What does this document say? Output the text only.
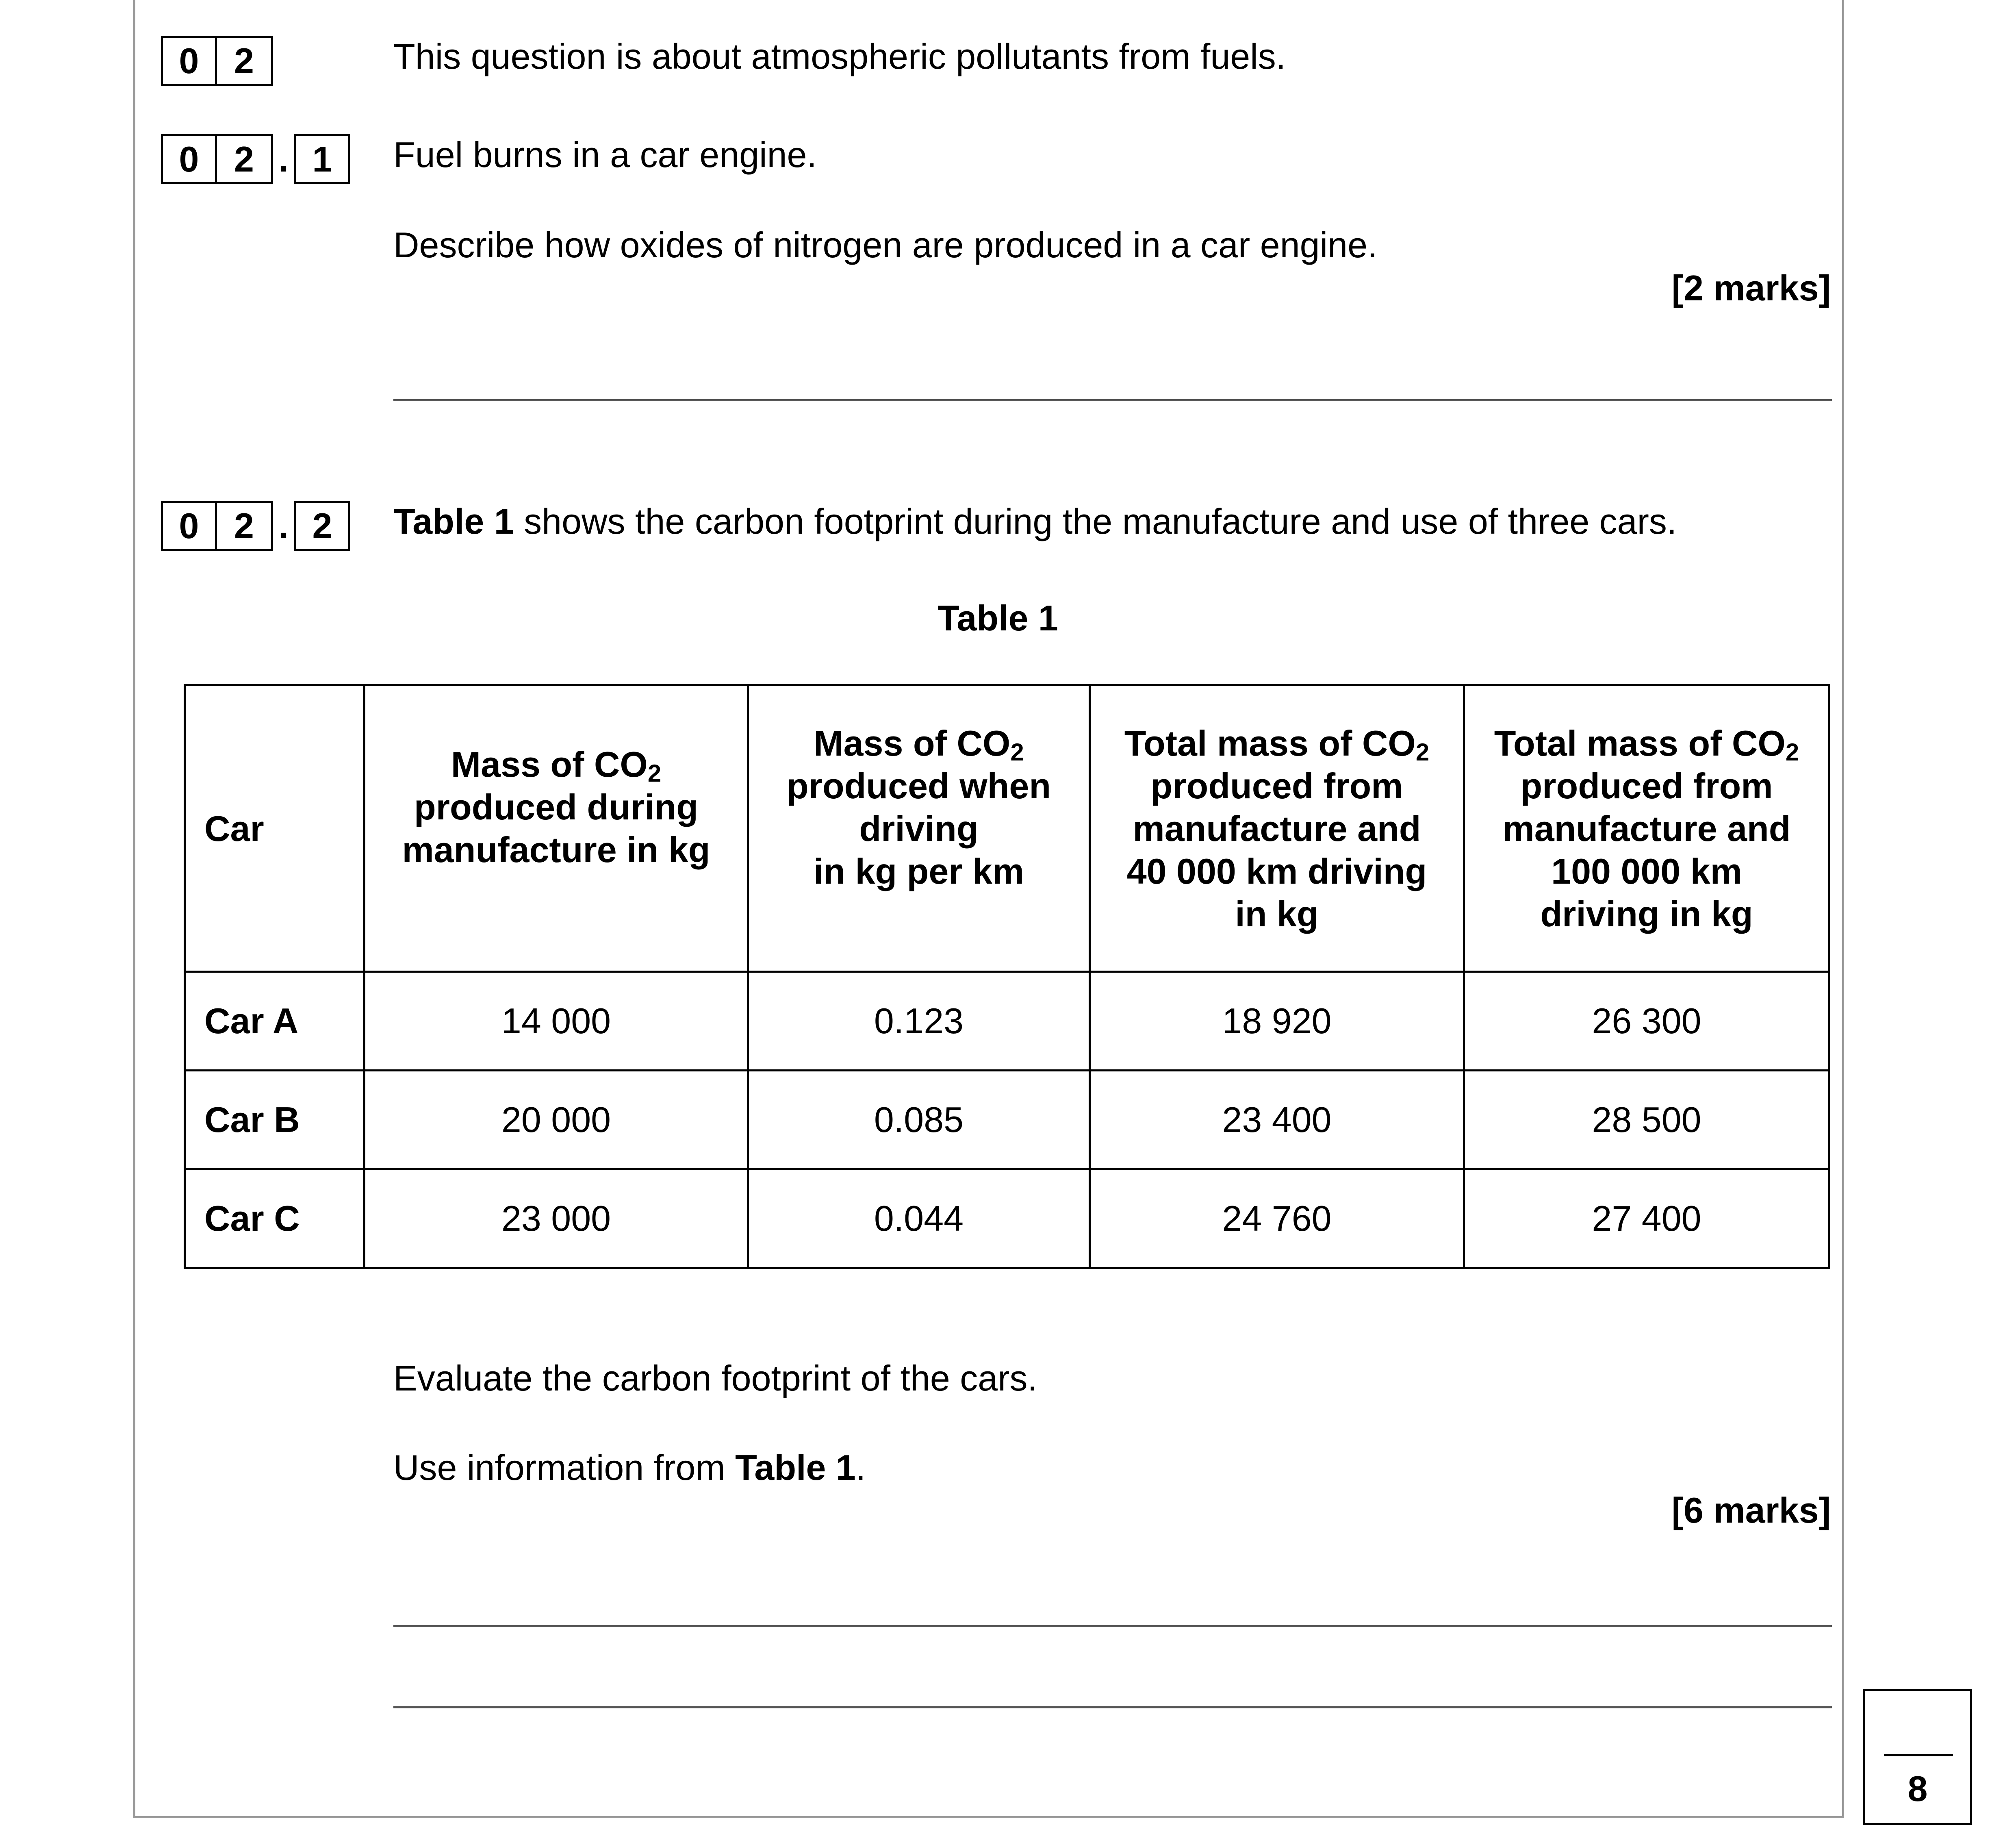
0 2	This question is about atmospheric pollutants from fuels.
0 2 . 1	Fuel burns in a car engine.
Describe how oxides of nitrogen are produced in a car engine.
[2 marks]
0 2 . 2	Table 1 shows the carbon footprint during the manufacture and use of three cars.
Table 1
Car	Mass of $CO_2$
produced during
manufacture in kg	Mass of $CO_2$
produced when
driving
in kg per km	Total mass of $CO_2$
produced from
manufacture and
40 000 km driving
in kg	Total mass of $CO_2$
produced from
manufacture and
100 000 km
driving in kg
Car A	14 000	0.123	18 920	26 300
Car B	20 000	0.085	23 400	28 500
Car C	23 000	0.044	24 760	27 400
Evaluate the carbon footprint of the cars.
Use information from Table 1.
[6 marks]
8
